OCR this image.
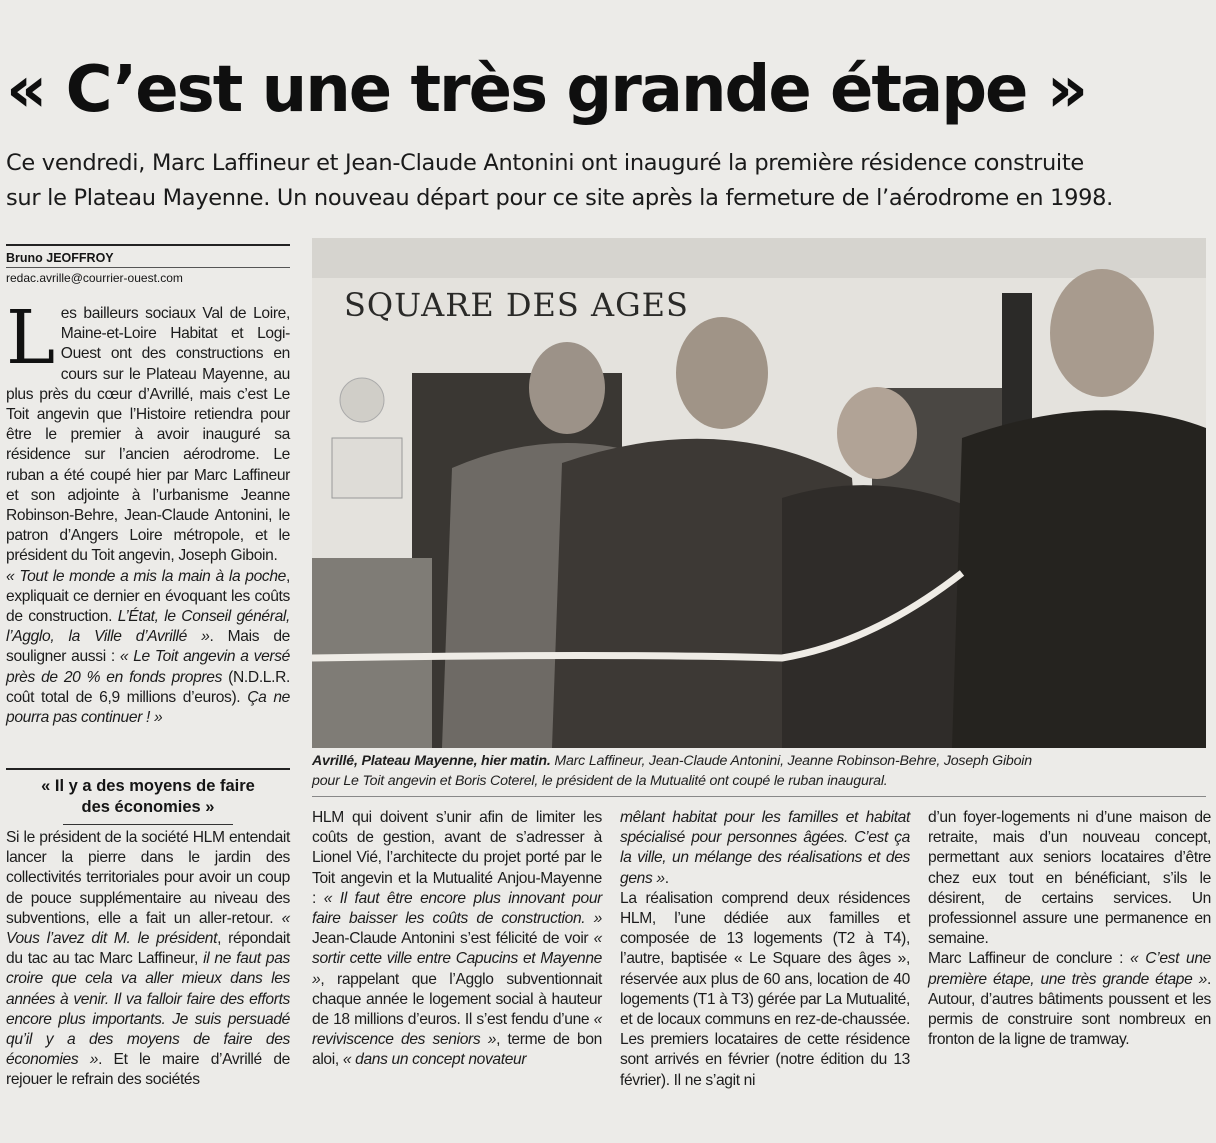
« C’est une très grande étape »
Ce vendredi, Marc Laffineur et Jean-Claude Antonini ont inauguré la première résidence construite
sur le Plateau Mayenne. Un nouveau départ pour ce site après la fermeture de l’aérodrome en 1998.
Bruno JEOFFROY
redac.avrille@courrier-ouest.com

L es bailleurs sociaux Val de Loire, Maine-et-Loire Habitat et Logi-Ouest ont des constructions en cours sur le Plateau Mayenne, au plus près du cœur d’Avrillé, mais c’est Le Toit angevin que l’Histoire retiendra pour être le premier à avoir inauguré sa résidence sur l’ancien aérodrome. Le ruban a été coupé hier par Marc Laffineur et son adjointe à l’urbanisme Jeanne Robinson-Behre, Jean-Claude Antonini, le patron d’Angers Loire métropole, et le président du Toit angevin, Joseph Giboin.

« Tout le monde a mis la main à la poche, expliquait ce dernier en évoquant les coûts de construction. L’État, le Conseil général, l’Agglo, la Ville d’Avrillé ». Mais de souligner aussi : « Le Toit angevin a versé près de 20 % en fonds propres (N.D.L.R. coût total de 6,9 millions d’euros). Ça ne pourra pas continuer ! »

« Il y a des moyens de faire
des économies »

Si le président de la société HLM entendait lancer la pierre dans le jardin des collectivités territoriales pour avoir un coup de pouce supplémentaire au niveau des subventions, elle a fait un aller-retour. « Vous l’avez dit M. le président, répondait du tac au tac Marc Laffineur, il ne faut pas croire que cela va aller mieux dans les années à venir. Il va falloir faire des efforts encore plus importants. Je suis persuadé qu’il y a des moyens de faire des économies ». Et le maire d’Avrillé de rejouer le refrain des sociétés

SQUARE DES AGES
Avrillé, Plateau Mayenne, hier matin. Marc Laffineur, Jean-Claude Antonini, Jeanne Robinson-Behre, Joseph Giboin
pour Le Toit angevin et Boris Coterel, le président de la Mutualité ont coupé le ruban inaugural.

HLM qui doivent s’unir afin de limiter les coûts de gestion, avant de s’adresser à Lionel Vié, l’architecte du projet porté par le Toit angevin et la Mutualité Anjou-Mayenne : « Il faut être encore plus innovant pour faire baisser les coûts de construction. » Jean-Claude Antonini s’est félicité de voir « sortir cette ville entre Capucins et Mayenne », rappelant que l’Agglo subventionnait chaque année le logement social à hauteur de 18 millions d’euros. Il s’est fendu d’une « reviviscence des seniors », terme de bon aloi, « dans un concept novateur

mêlant habitat pour les familles et habitat spécialisé pour personnes âgées. C’est ça la ville, un mélange des réalisations et des gens ».

La réalisation comprend deux résidences HLM, l’une dédiée aux familles et composée de 13 logements (T2 à T4), l’autre, baptisée « Le Square des âges », réservée aux plus de 60 ans, location de 40 logements (T1 à T3) gérée par La Mutualité, et de locaux communs en rez-de-chaussée. Les premiers locataires de cette résidence sont arrivés en février (notre édition du 13 février). Il ne s’agit ni

d’un foyer-logements ni d’une maison de retraite, mais d’un nouveau concept, permettant aux seniors locataires d’être chez eux tout en bénéficiant, s’ils le désirent, de certains services. Un professionnel assure une permanence en semaine.

Marc Laffineur de conclure : « C’est une première étape, une très grande étape ». Autour, d’autres bâtiments poussent et les permis de construire sont nombreux en fronton de la ligne de tramway.
